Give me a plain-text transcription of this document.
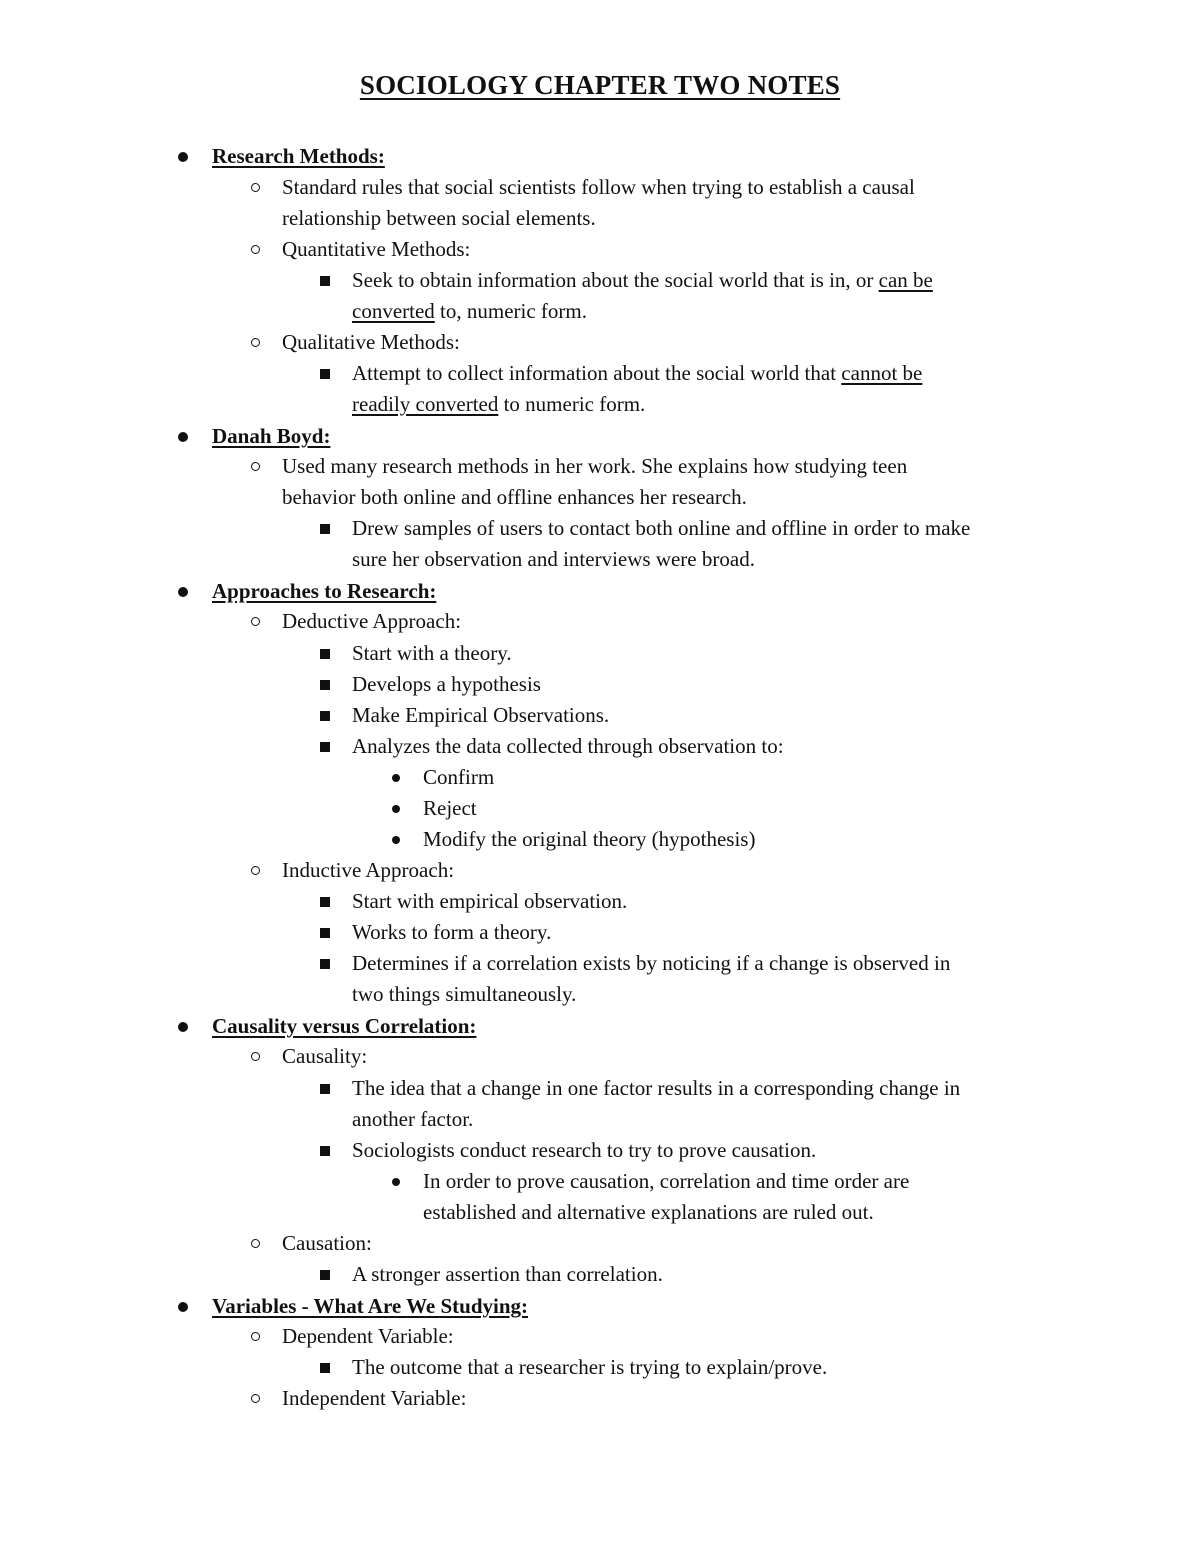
SOCIOLOGY CHAPTER TWO NOTES
Research Methods:
Standard rules that social scientists follow when trying to establish a causal
relationship between social elements.
Quantitative Methods:
Seek to obtain information about the social world that is in, or can be
converted to, numeric form.
Qualitative Methods:
Attempt to collect information about the social world that cannot be
readily converted to numeric form.
Danah Boyd:
Used many research methods in her work. She explains how studying teen
behavior both online and offline enhances her research.
Drew samples of users to contact both online and offline in order to make
sure her observation and interviews were broad.
Approaches to Research:
Deductive Approach:
Start with a theory.
Develops a hypothesis
Make Empirical Observations.
Analyzes the data collected through observation to:
Confirm
Reject
Modify the original theory (hypothesis)
Inductive Approach:
Start with empirical observation.
Works to form a theory.
Determines if a correlation exists by noticing if a change is observed in
two things simultaneously.
Causality versus Correlation:
Causality:
The idea that a change in one factor results in a corresponding change in
another factor.
Sociologists conduct research to try to prove causation.
In order to prove causation, correlation and time order are
established and alternative explanations are ruled out.
Causation:
A stronger assertion than correlation.
Variables - What Are We Studying:
Dependent Variable:
The outcome that a researcher is trying to explain/prove.
Independent Variable:
